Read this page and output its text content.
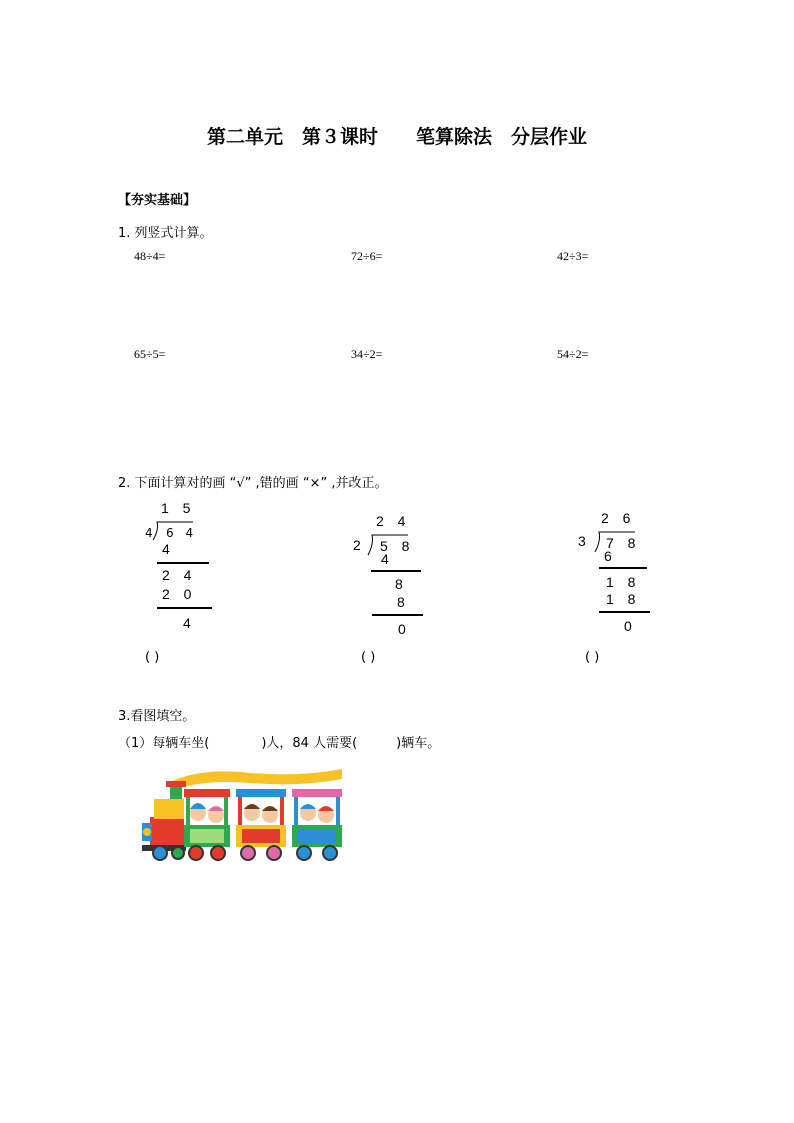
第二单元　第３课时　　笔算除法　分层作业
【夯实基础】
1. 列竖式计算。
48÷4=	72÷6=	42÷3=
65÷5=	34÷2=	54÷2=
2. 下面计算对的画 “√” ,错的画 “×” ,并改正。
1 5
4 6 4
4
2 4
2 0
4
( )
2 4
2 5 8
4
8
8
0
( )
2 6
3 7 8
6
1 8
1 8
0
( )
3.看图填空。
（1）每辆车坐(　　　　)人，84 人需要(　　　)辆车。
